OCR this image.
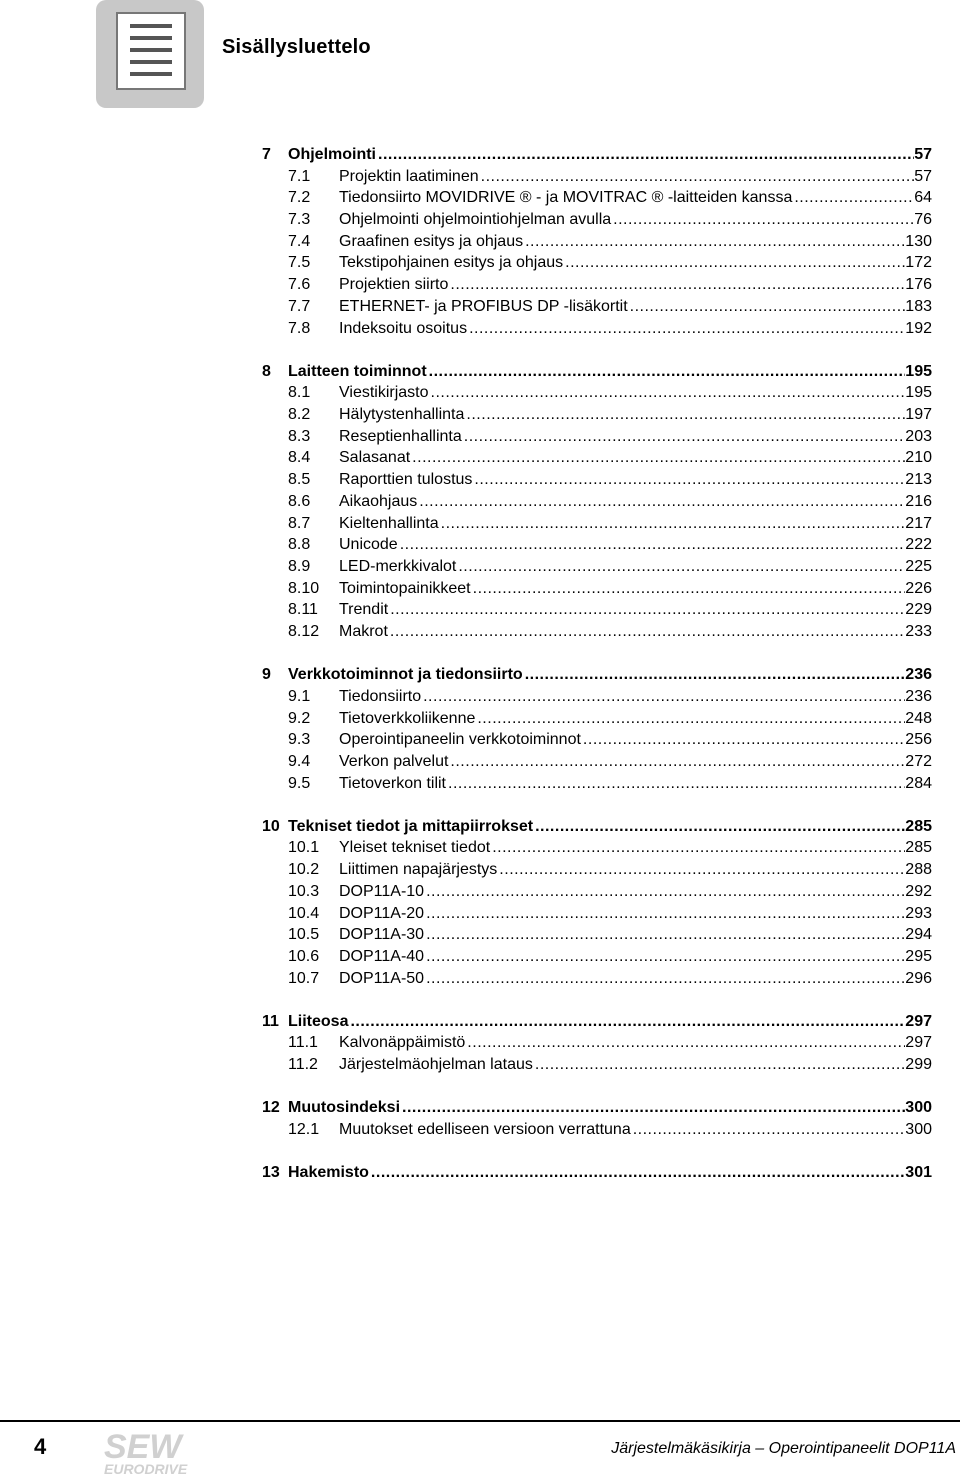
Sisällysluettelo
7 Ohjelmointi .....	57
7.1 Projektin laatiminen .....	57
7.2 Tiedonsiirto MOVIDRIVE ® - ja MOVITRAC ® -laitteiden kanssa .....	64
7.3 Ohjelmointi ohjelmointiohjelman avulla .....	76
7.4 Graafinen esitys ja ohjaus .....	130
7.5 Tekstipohjainen esitys ja ohjaus .....	172
7.6 Projektien siirto .....	176
7.7 ETHERNET- ja PROFIBUS DP -lisäkortit .....	183
7.8 Indeksoitu osoitus .....	192
8 Laitteen toiminnot .....	195
8.1 Viestikirjasto .....	195
8.2 Hälytystenhallinta .....	197
8.3 Reseptienhallinta .....	203
8.4 Salasanat .....	210
8.5 Raporttien tulostus .....	213
8.6 Aikaohjaus .....	216
8.7 Kieltenhallinta .....	217
8.8 Unicode .....	222
8.9 LED-merkkivalot .....	225
8.10 Toimintopainikkeet .....	226
8.11 Trendit .....	229
8.12 Makrot .....	233
9 Verkkotoiminnot ja tiedonsiirto .....	236
9.1 Tiedonsiirto .....	236
9.2 Tietoverkkoliikenne .....	248
9.3 Operointipaneelin verkkotoiminnot .....	256
9.4 Verkon palvelut .....	272
9.5 Tietoverkon tilit .....	284
10 Tekniset tiedot ja mittapiirrokset .....	285
10.1 Yleiset tekniset tiedot .....	285
10.2 Liittimen napajärjestys .....	288
10.3 DOP11A-10 .....	292
10.4 DOP11A-20 .....	293
10.5 DOP11A-30 .....	294
10.6 DOP11A-40 .....	295
10.7 DOP11A-50 .....	296
11 Liiteosa .....	297
11.1 Kalvonäppäimistö .....	297
11.2 Järjestelmäohjelman lataus .....	299
12 Muutosindeksi .....	300
12.1 Muutokset edelliseen versioon verrattuna .....	300
13 Hakemisto .....	301
4 SEW
EURODRIVE
Järjestelmäkäsikirja – Operointipaneelit DOP11A
